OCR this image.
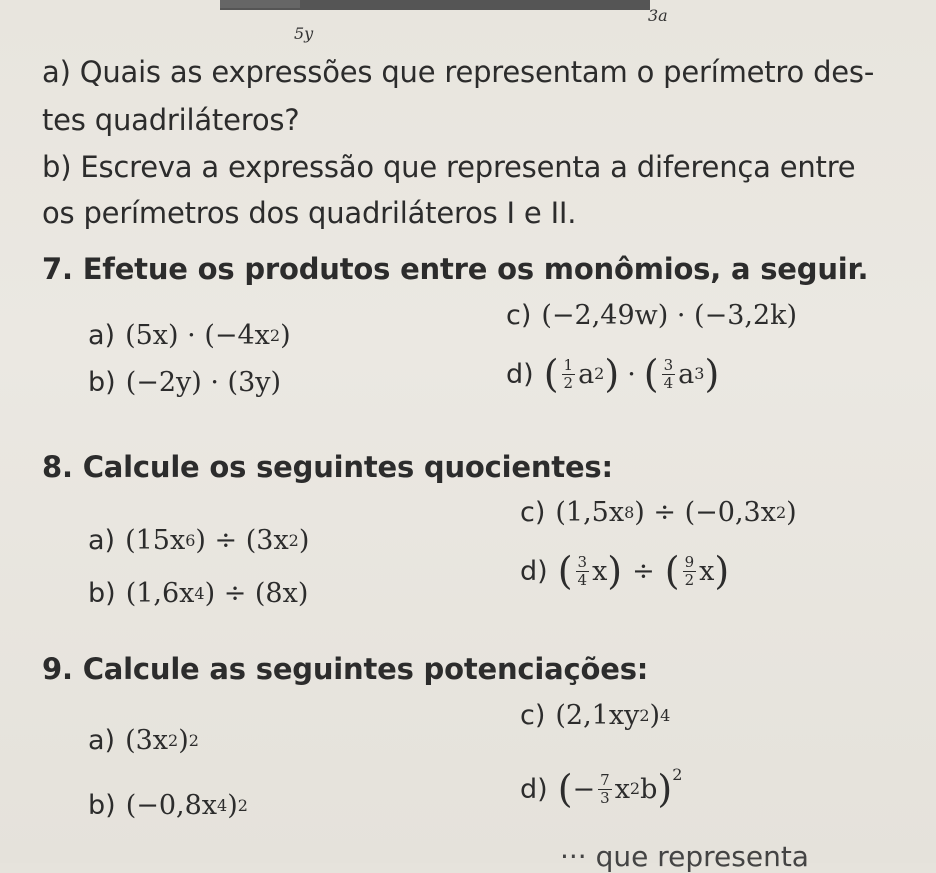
3a
5y
a) Quais as expressões que representam o perímetro des-
tes quadriláteros?
b) Escreva a expressão que representa a diferença entre
os perímetros dos quadriláteros I e II.
7. Efetue os produtos entre os monômios, a seguir.
a) (5x) · (−4x 2 )
b) (−2y) · (3y)
c) (−2,49w) · (−3,2k)
d) ( $\frac{1}{2}$ a 2 ) · ( $\frac{3}{4}$ a 3 )
8. Calcule os seguintes quocientes:
a) (15x 6 ) ÷ (3x 2 )
b) (1,6x 4 ) ÷ (8x)
c) (1,5x 8 ) ÷ (−0,3x 2 )
d) ( $\frac{3}{4}$ x ) ÷ ( $\frac{9}{2}$ x )
9. Calcule as seguintes potenciações:
a) (3x 2 ) 2
b) (−0,8x 4 ) 2
c) (2,1xy 2 ) 4
d) ( − $\frac{7}{3}$ x 2 b )$^2$
··· que representa
